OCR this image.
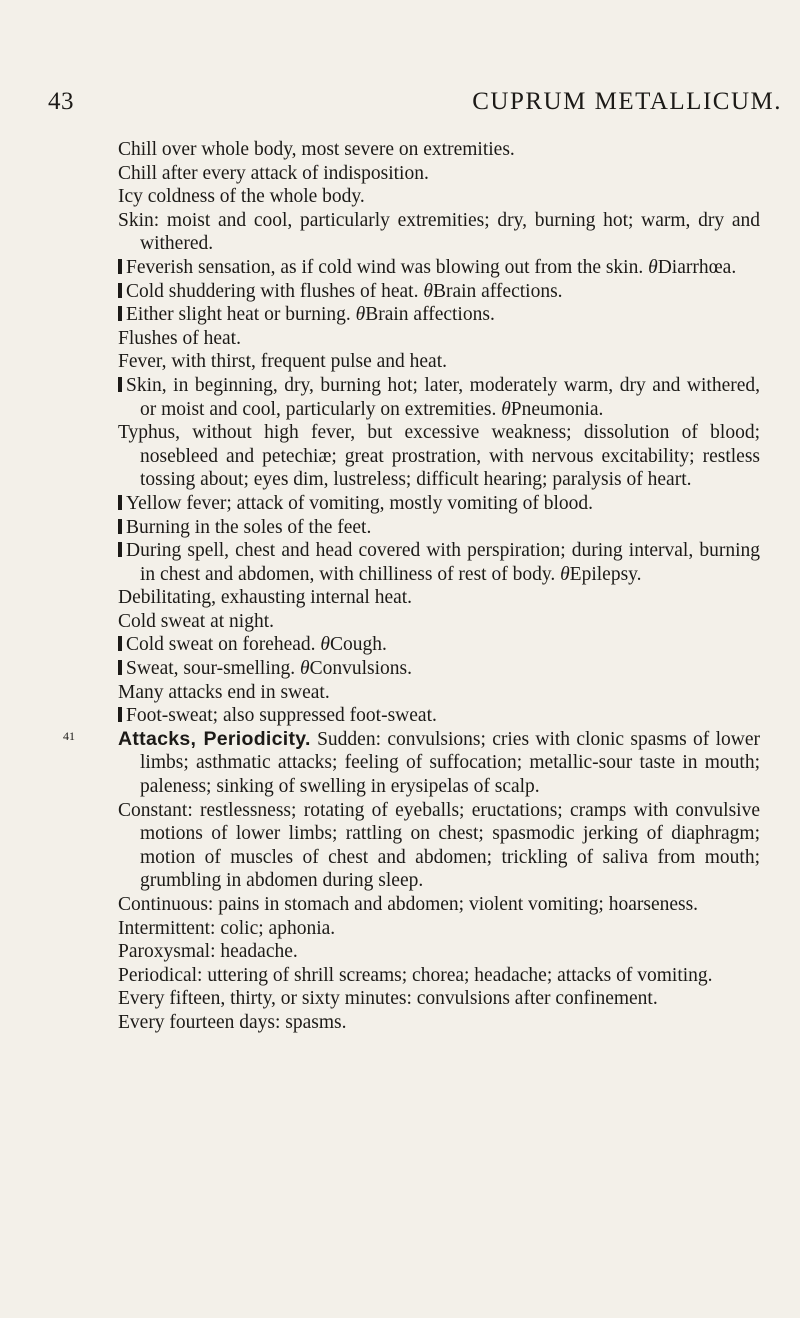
43	CUPRUM METALLICUM.

Chill over whole body, most severe on extremities.

Chill after every attack of indisposition.

Icy coldness of the whole body.

Skin: moist and cool, particularly extremities; dry, burning hot; warm, dry and withered.

Feverish sensation, as if cold wind was blowing out from the skin. θDiarrhœa.

Cold shuddering with flushes of heat. θBrain affections.

Either slight heat or burning. θBrain affections.

Flushes of heat.

Fever, with thirst, frequent pulse and heat.

Skin, in beginning, dry, burning hot; later, moderately warm, dry and withered, or moist and cool, particularly on extremities. θPneumonia.

Typhus, without high fever, but excessive weakness; dissolution of blood; nosebleed and petechiæ; great prostration, with nervous excitability; restless tossing about; eyes dim, lustreless; difficult hearing; paralysis of heart.

Yellow fever; attack of vomiting, mostly vomiting of blood.

Burning in the soles of the feet.

During spell, chest and head covered with perspiration; during interval, burning in chest and abdomen, with chilliness of rest of body. θEpilepsy.

Debilitating, exhausting internal heat.

Cold sweat at night.

Cold sweat on forehead. θCough.

Sweat, sour-smelling. θConvulsions.

Many attacks end in sweat.

Foot-sweat; also suppressed foot-sweat.

41	Attacks, Periodicity. Sudden: convulsions; cries with clonic spasms of lower limbs; asthmatic attacks; feeling of suffocation; metallic-sour taste in mouth; paleness; sinking of swelling in erysipelas of scalp.

Constant: restlessness; rotating of eyeballs; eructations; cramps with convulsive motions of lower limbs; rattling on chest; spasmodic jerking of diaphragm; motion of muscles of chest and abdomen; trickling of saliva from mouth; grumbling in abdomen during sleep.

Continuous: pains in stomach and abdomen; violent vomiting; hoarseness.

Intermittent: colic; aphonia.

Paroxysmal: headache.

Periodical: uttering of shrill screams; chorea; headache; attacks of vomiting.

Every fifteen, thirty, or sixty minutes: convulsions after confinement.

Every fourteen days: spasms.
